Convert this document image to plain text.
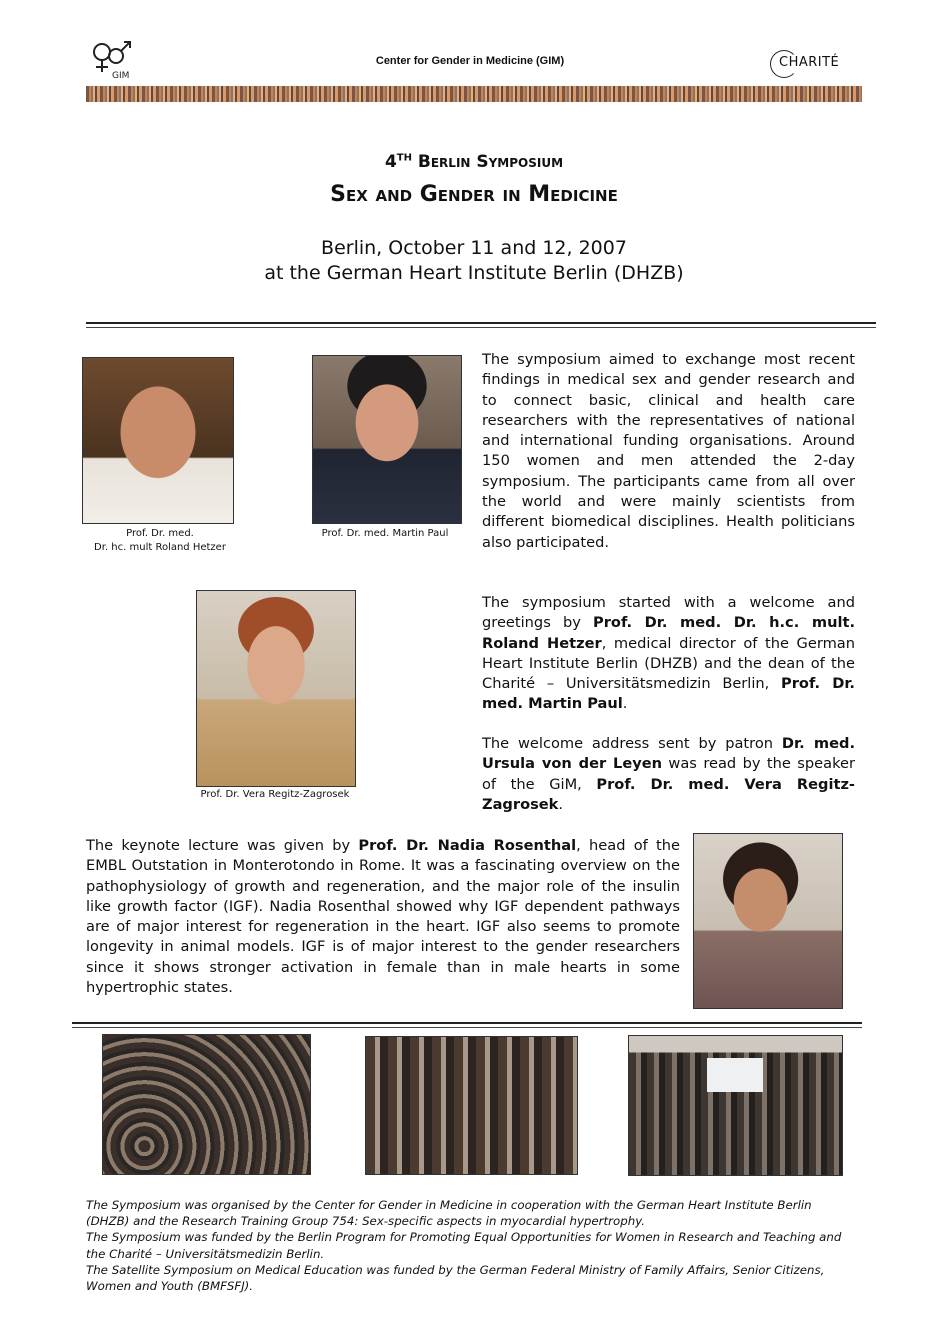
GIM
Center for Gender in Medicine (GIM)	CHARITÉ
4TH Berlin Symposium
Sex and Gender in Medicine
Berlin, October 11 and 12, 2007
at the German Heart Institute Berlin (DHZB)
Prof. Dr. med.
Dr. hc. mult Roland Hetzer
Prof. Dr. med. Martin Paul
Prof. Dr. Vera Regitz-Zagrosek
The symposium aimed to exchange most recent findings in medical sex and gender research and to connect basic, clinical and health care researchers with the representatives of national and international funding organisations. Around 150 women and men attended the 2-day symposium. The participants came from all over the world and were mainly scientists from different biomedical disciplines. Health politicians also participated.
The symposium started with a welcome and greetings by Prof. Dr. med. Dr. h.c. mult. Roland Hetzer, medical director of the German Heart Institute Berlin (DHZB) and the dean of the Charité – Universitätsmedizin Berlin, Prof. Dr. med. Martin Paul.
The welcome address sent by patron Dr. med. Ursula von der Leyen was read by the speaker of the GiM, Prof. Dr. med. Vera Regitz-Zagrosek.
The keynote lecture was given by Prof. Dr. Nadia Rosenthal, head of the EMBL Outstation in Monterotondo in Rome. It was a fascinating overview on the pathophysiology of growth and regeneration, and the major role of the insulin like growth factor (IGF). Nadia Rosenthal showed why IGF dependent pathways are of major interest for regeneration in the heart. IGF also seems to promote longevity in animal models. IGF is of major interest to the gender researchers since it shows stronger activation in female than in male hearts in some hypertrophic states.
The Symposium was organised by the Center for Gender in Medicine in cooperation with the German Heart Institute Berlin (DHZB) and the Research Training Group 754: Sex-specific aspects in myocardial hypertrophy.
The Symposium was funded by the Berlin Program for Promoting Equal Opportunities for Women in Research and Teaching and the Charité – Universitätsmedizin Berlin.
The Satellite Symposium on Medical Education was funded by the German Federal Ministry of Family Affairs, Senior Citizens, Women and Youth (BMFSFJ).
